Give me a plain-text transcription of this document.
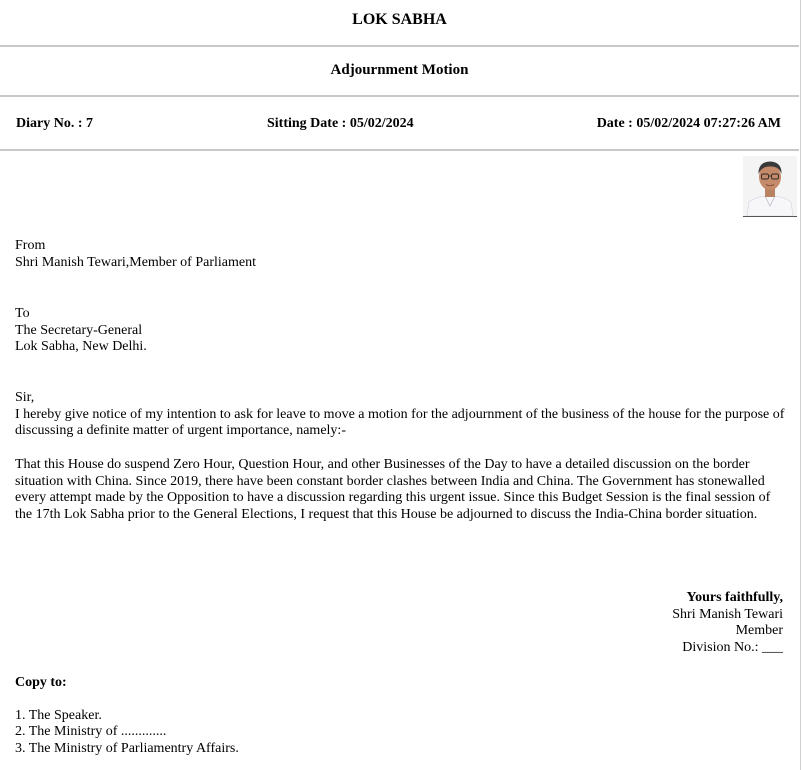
LOK SABHA
Adjournment Motion
Diary No. : 7	Sitting Date : 05/02/2024	Date : 05/02/2024 07:27:26 AM
From
Shri Manish Tewari,Member of Parliament
To
The Secretary-General
Lok Sabha, New Delhi.
Sir,
I hereby give notice of my intention to ask for leave to move a motion for the adjournment of the business of the house for the purpose of discussing a definite matter of urgent importance, namely:-
That this House do suspend Zero Hour, Question Hour, and other Businesses of the Day to have a detailed discussion on the border situation with China. Since 2019, there have been constant border clashes between India and China. The Government has stonewalled every attempt made by the Opposition to have a discussion regarding this urgent issue. Since this Budget Session is the final session of the 17th Lok Sabha prior to the General Elections, I request that this House be adjourned to discuss the India-China border situation.
Yours faithfully,
Shri Manish Tewari
Member
Division No.: ___
Copy to:
1. The Speaker.
2. The Ministry of .............
3. The Ministry of Parliamentry Affairs.
